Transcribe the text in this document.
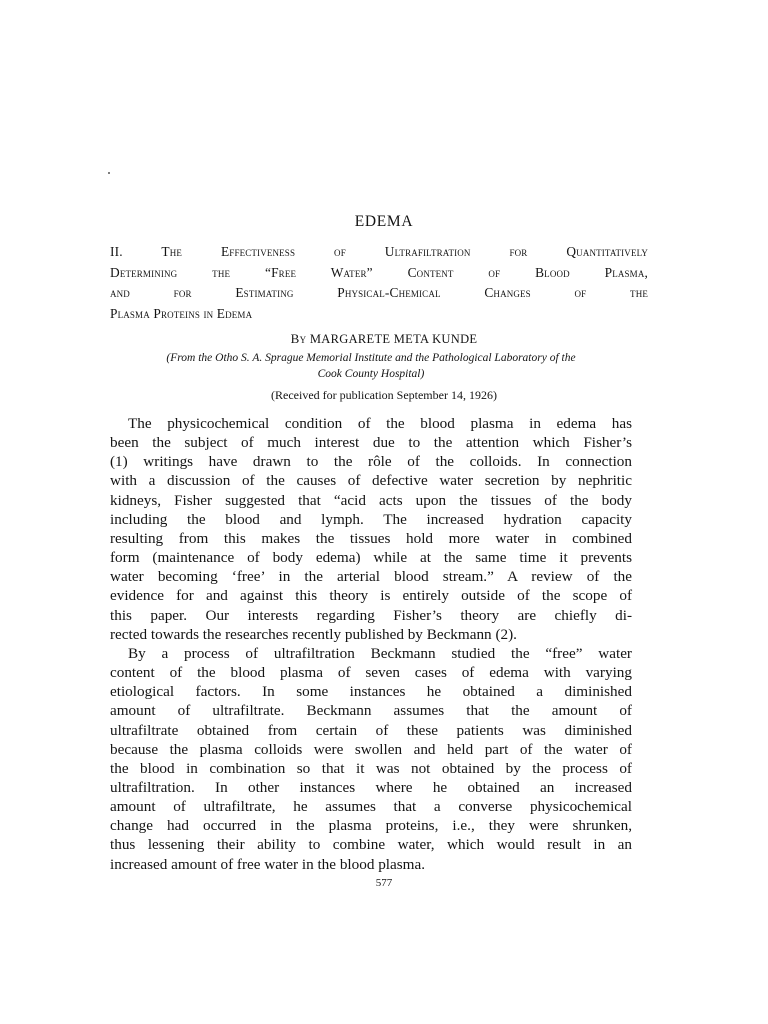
EDEMA
II. The Effectiveness of Ultrafiltration for Quantitatively
Determining the “Free Water” Content of Blood Plasma,
and for Estimating Physical-Chemical Changes of the
Plasma Proteins in Edema
By MARGARETE META KUNDE
(From the Otho S. A. Sprague Memorial Institute and the Pathological Laboratory of the
Cook County Hospital)
(Received for publication September 14, 1926)
The physicochemical condition of the blood plasma in edema has
been the subject of much interest due to the attention which Fisher’s
(1) writings have drawn to the rôle of the colloids. In connection
with a discussion of the causes of defective water secretion by nephritic
kidneys, Fisher suggested that “acid acts upon the tissues of the body
including the blood and lymph. The increased hydration capacity
resulting from this makes the tissues hold more water in combined
form (maintenance of body edema) while at the same time it prevents
water becoming ‘free’ in the arterial blood stream.” A review of the
evidence for and against this theory is entirely outside of the scope of
this paper. Our interests regarding Fisher’s theory are chiefly di-
rected towards the researches recently published by Beckmann (2).
By a process of ultrafiltration Beckmann studied the “free” water
content of the blood plasma of seven cases of edema with varying
etiological factors. In some instances he obtained a diminished
amount of ultrafiltrate. Beckmann assumes that the amount of
ultrafiltrate obtained from certain of these patients was diminished
because the plasma colloids were swollen and held part of the water of
the blood in combination so that it was not obtained by the process of
ultrafiltration. In other instances where he obtained an increased
amount of ultrafiltrate, he assumes that a converse physicochemical
change had occurred in the plasma proteins, i.e., they were shrunken,
thus lessening their ability to combine water, which would result in an
increased amount of free water in the blood plasma.
577
